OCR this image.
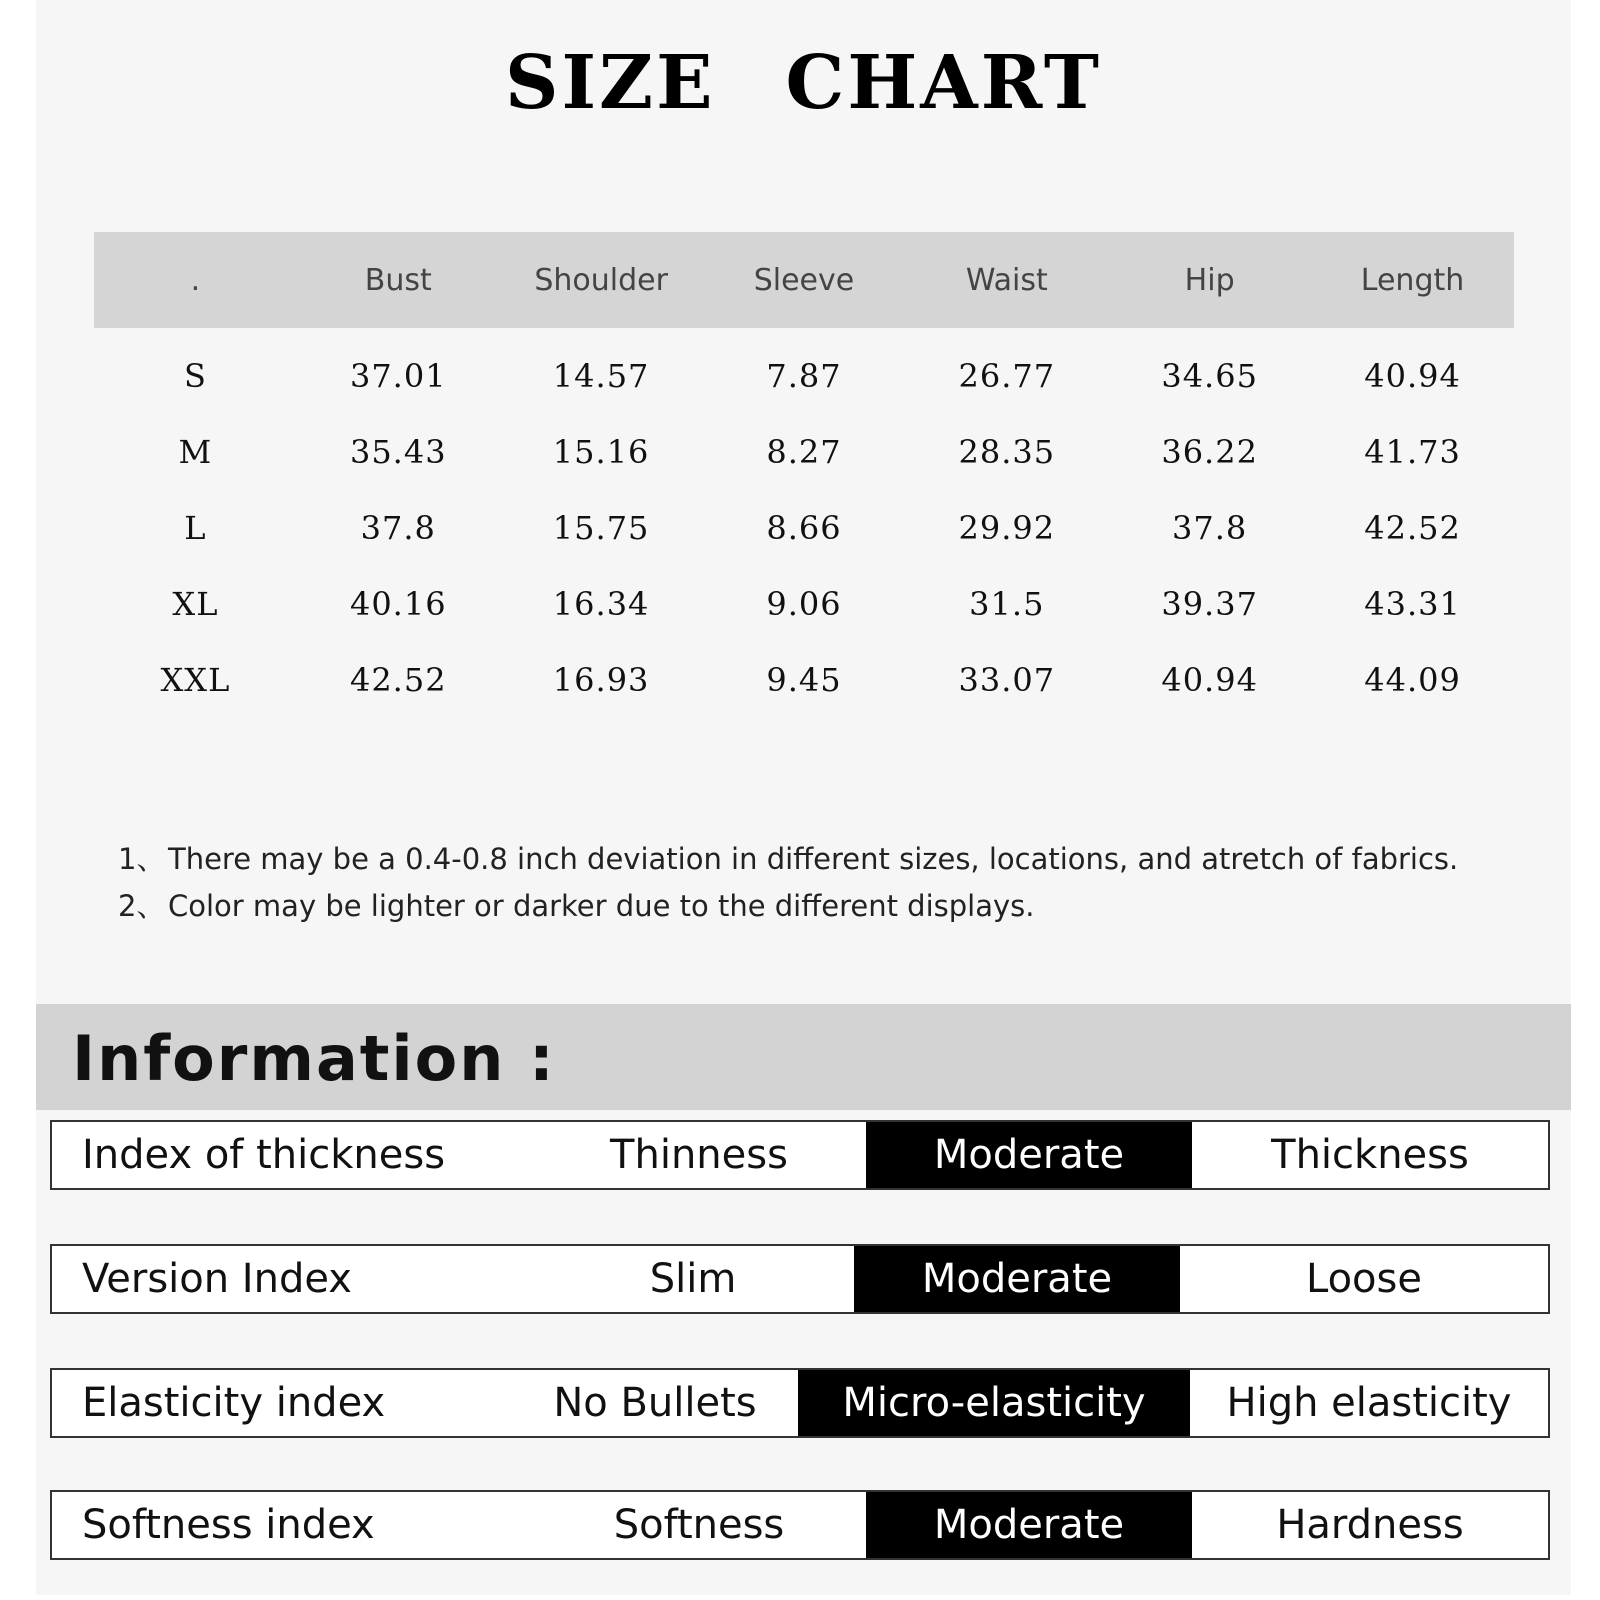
SIZE CHART
.	Bust	Shoulder	Sleeve	Waist	Hip	Length
S	37.01	14.57	7.87	26.77	34.65	40.94
M	35.43	15.16	8.27	28.35	36.22	41.73
L	37.8	15.75	8.66	29.92	37.8	42.52
XL	40.16	16.34	9.06	31.5	39.37	43.31
XXL	42.52	16.93	9.45	33.07	40.94	44.09
1、There may be a 0.4-0.8 inch deviation in different sizes, locations, and atretch of fabrics.
2、Color may be lighter or darker due to the different displays.
Information :
Index of thickness	Thinness	Moderate	Thickness
Version Index	Slim	Moderate	Loose
Elasticity index	No Bullets	Micro-elasticity	High elasticity
Softness index	Softness	Moderate	Hardness
